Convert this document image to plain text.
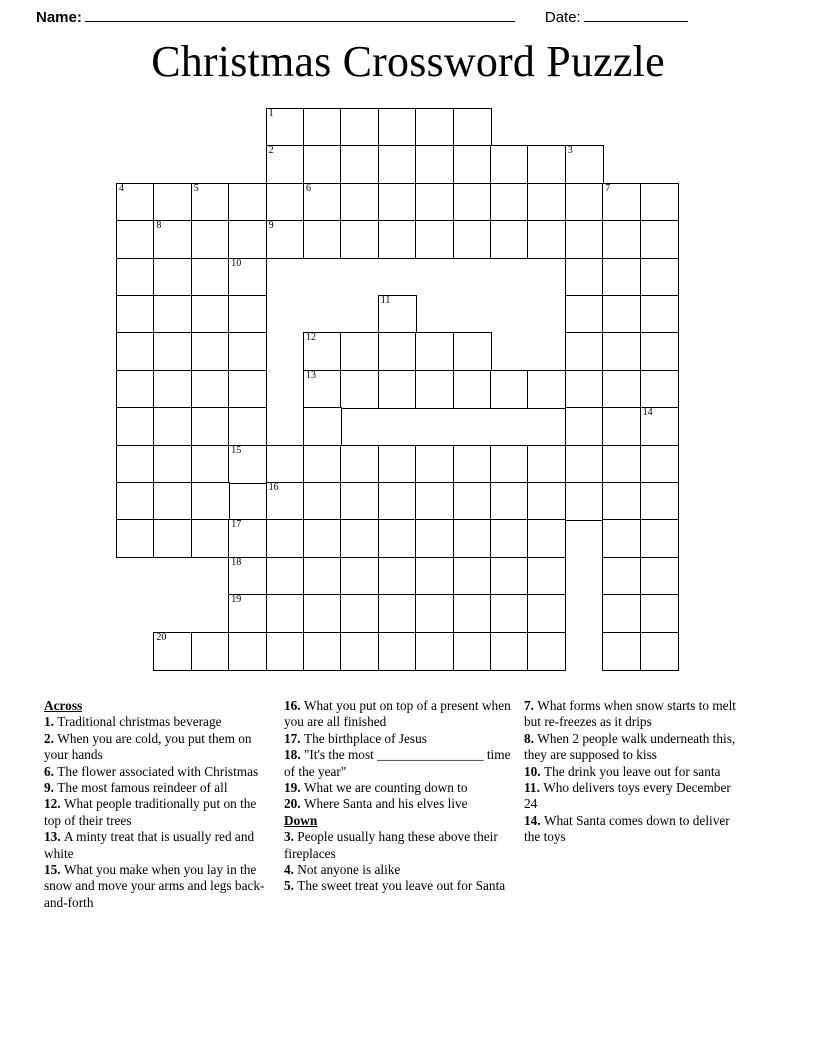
Name:	Date:
Christmas Crossword Puzzle
1
2	3
4	5	6	7
8	9
10
11
12
13
14
15
16
17
18
19
20
Across
1. Traditional christmas beverage
2. When you are cold, you put them on your hands
6. The flower associated with Christmas
9. The most famous reindeer of all
12. What people traditionally put on the top of their trees
13. A minty treat that is usually red and white
15. What you make when you lay in the snow and move your arms and legs back-and-forth
16. What you put on top of a present when you are all finished
17. The birthplace of Jesus
18. "It's the most ________________ time of the year"
19. What we are counting down to
20. Where Santa and his elves live
Down
3. People usually hang these above their fireplaces
4. Not anyone is alike
5. The sweet treat you leave out for Santa
7. What forms when snow starts to melt but re-freezes as it drips
8. When 2 people walk underneath this, they are supposed to kiss
10. The drink you leave out for santa
11. Who delivers toys every December 24
14. What Santa comes down to deliver the toys
